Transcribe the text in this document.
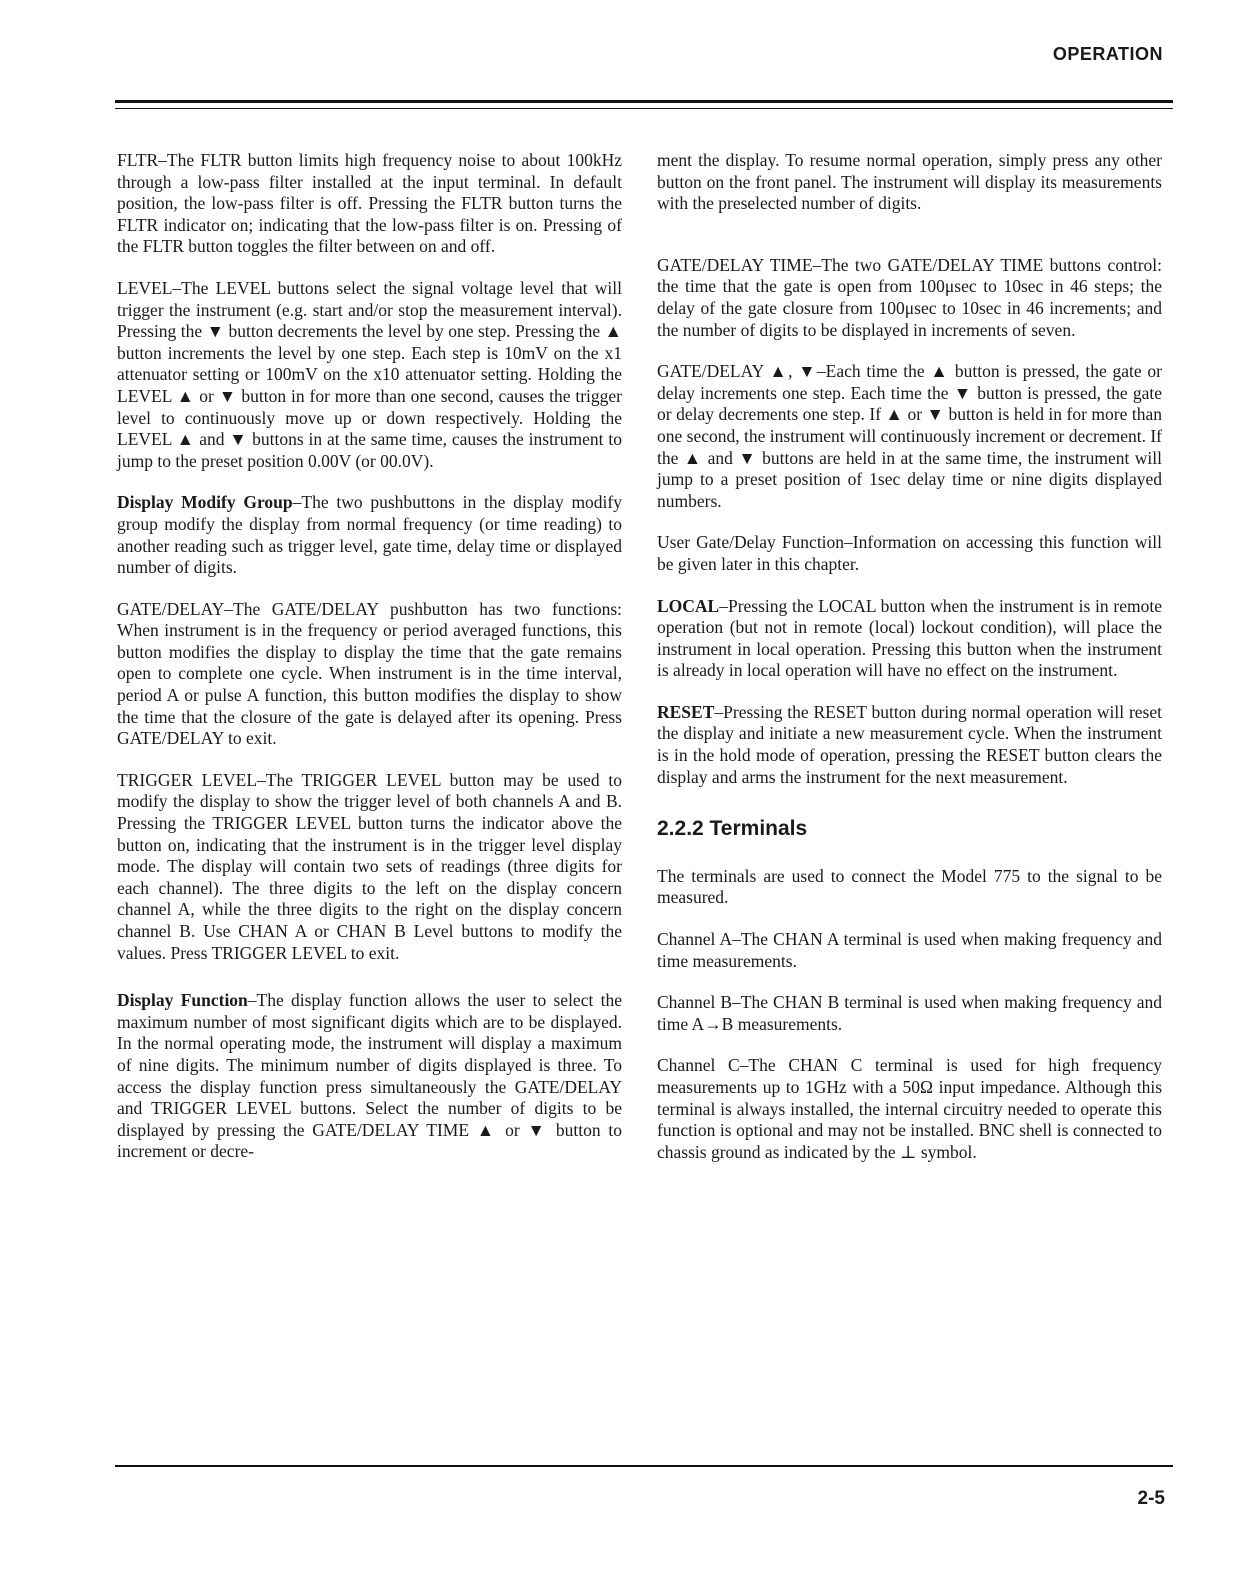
OPERATION

FLTR–The FLTR button limits high frequency noise to about 100kHz through a low-pass filter installed at the input terminal. In default position, the low-pass filter is off. Pressing the FLTR button turns the FLTR indicator on; indicating that the low-pass filter is on. Pressing of the FLTR button toggles the filter between on and off.

LEVEL–The LEVEL buttons select the signal voltage level that will trigger the instrument (e.g. start and/or stop the measurement interval). Pressing the ▼ button decrements the level by one step. Pressing the ▲ button increments the level by one step. Each step is 10mV on the x1 attenuator setting or 100mV on the x10 attenuator setting. Holding the LEVEL ▲ or ▼ button in for more than one second, causes the trigger level to continuously move up or down respectively. Holding the LEVEL ▲ and ▼ buttons in at the same time, causes the instrument to jump to the preset position 0.00V (or 00.0V).

Display Modify Group–The two pushbuttons in the display modify group modify the display from normal frequency (or time reading) to another reading such as trigger level, gate time, delay time or displayed number of digits.

GATE/DELAY–The GATE/DELAY pushbutton has two functions: When instrument is in the frequency or period averaged functions, this button modifies the display to display the time that the gate remains open to complete one cycle. When instrument is in the time interval, period A or pulse A function, this button modifies the display to show the time that the closure of the gate is delayed after its opening. Press GATE/DELAY to exit.

TRIGGER LEVEL–The TRIGGER LEVEL button may be used to modify the display to show the trigger level of both channels A and B. Pressing the TRIGGER LEVEL button turns the indicator above the button on, indicating that the instrument is in the trigger level display mode. The display will contain two sets of readings (three digits for each channel). The three digits to the left on the display concern channel A, while the three digits to the right on the display concern channel B. Use CHAN A or CHAN B Level buttons to modify the values. Press TRIGGER LEVEL to exit.

Display Function–The display function allows the user to select the maximum number of most significant digits which are to be displayed. In the normal operating mode, the instrument will display a maximum of nine digits. The minimum number of digits displayed is three. To access the display function press simultaneously the GATE/DELAY and TRIGGER LEVEL buttons. Select the number of digits to be displayed by pressing the GATE/DELAY TIME ▲ or ▼ button to increment or decre-

ment the display. To resume normal operation, simply press any other button on the front panel. The instrument will display its measurements with the preselected number of digits.

GATE/DELAY TIME–The two GATE/DELAY TIME buttons control: the time that the gate is open from 100μsec to 10sec in 46 steps; the delay of the gate closure from 100μsec to 10sec in 46 increments; and the number of digits to be displayed in increments of seven.

GATE/DELAY ▲, ▼–Each time the ▲ button is pressed, the gate or delay increments one step. Each time the ▼ button is pressed, the gate or delay decrements one step. If ▲ or ▼ button is held in for more than one second, the instrument will continuously increment or decrement. If the ▲ and ▼ buttons are held in at the same time, the instrument will jump to a preset position of 1sec delay time or nine digits displayed numbers.

User Gate/Delay Function–Information on accessing this function will be given later in this chapter.

LOCAL–Pressing the LOCAL button when the instrument is in remote operation (but not in remote (local) lockout condition), will place the instrument in local operation. Pressing this button when the instrument is already in local operation will have no effect on the instrument.

RESET–Pressing the RESET button during normal operation will reset the display and initiate a new measurement cycle. When the instrument is in the hold mode of operation, pressing the RESET button clears the display and arms the instrument for the next measurement.

2.2.2 Terminals

The terminals are used to connect the Model 775 to the signal to be measured.

Channel A–The CHAN A terminal is used when making frequency and time measurements.

Channel B–The CHAN B terminal is used when making frequency and time A→B measurements.

Channel C–The CHAN C terminal is used for high frequency measurements up to 1GHz with a 50Ω input impedance. Although this terminal is always installed, the internal circuitry needed to operate this function is optional and may not be installed. BNC shell is connected to chassis ground as indicated by the ⊥ symbol.

2-5
